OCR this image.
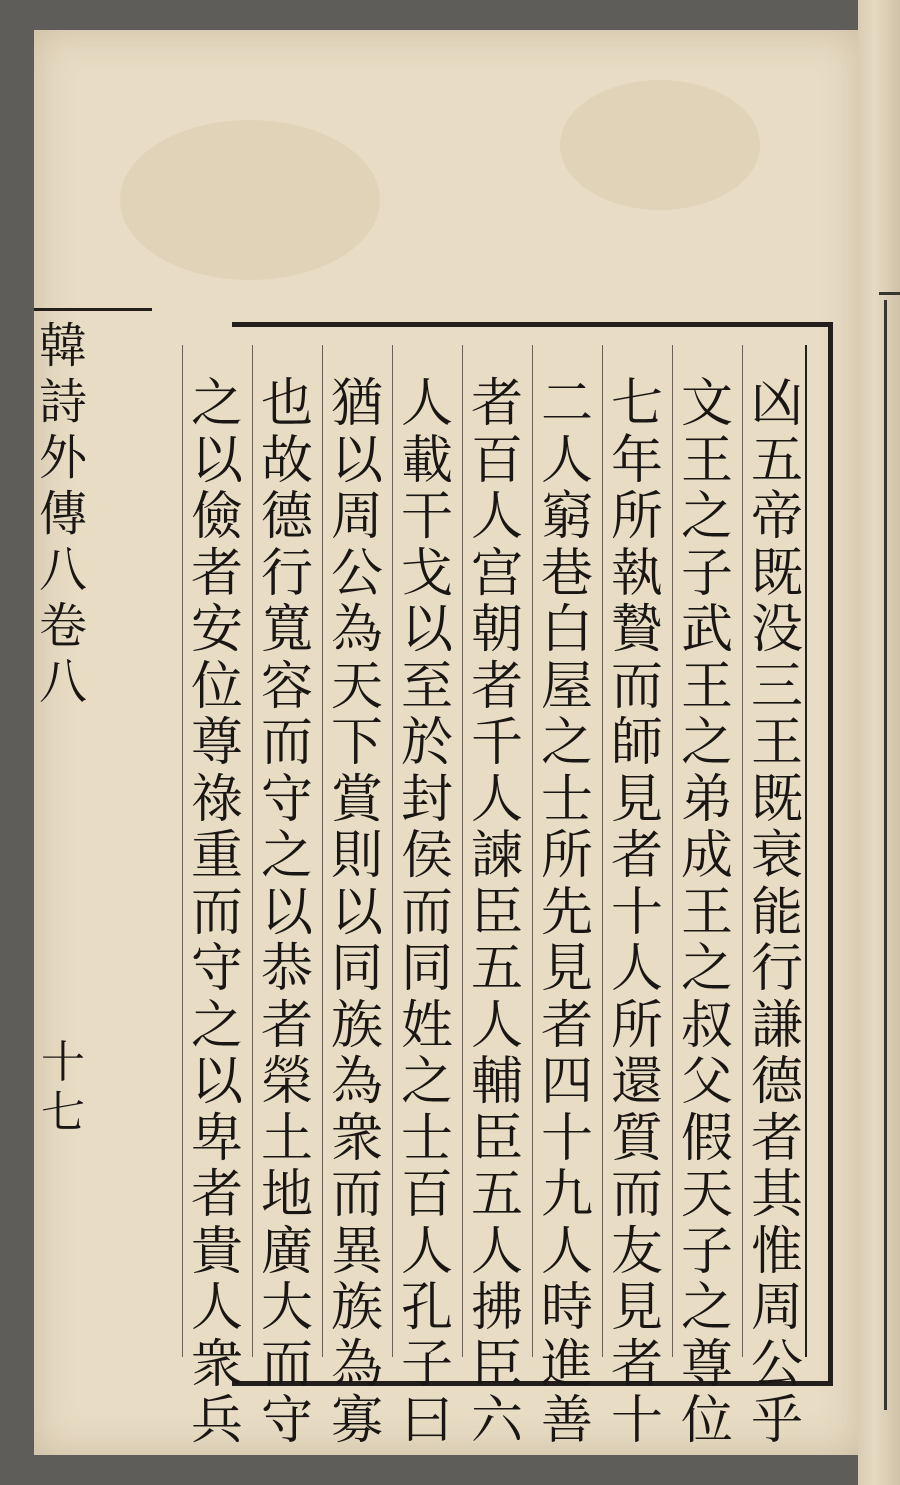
韓
詩
外
傳
八
卷
八
十
七
凶
五
帝
既
没
三
王
既
衰
能
行
謙
德
者
其
惟
周
公
乎
文
王
之
子
武
王
之
弟
成
王
之
叔
父
假
天
子
之
尊
位
七
年
所
執
贄
而
師
見
者
十
人
所
還
質
而
友
見
者
十
二
人
窮
巷
白
屋
之
士
所
先
見
者
四
十
九
人
時
進
善
者
百
人
宫
朝
者
千
人
諫
臣
五
人
輔
臣
五
人
拂
臣
六
人
載
干
戈
以
至
於
封
侯
而
同
姓
之
士
百
人
孔
子
曰
猶
以
周
公
為
天
下
賞
則
以
同
族
為
衆
而
異
族
為
寡
也
故
德
行
寬
容
而
守
之
以
恭
者
榮
土
地
廣
大
而
守
之
以
儉
者
安
位
尊
祿
重
而
守
之
以
卑
者
貴
人
衆
兵
